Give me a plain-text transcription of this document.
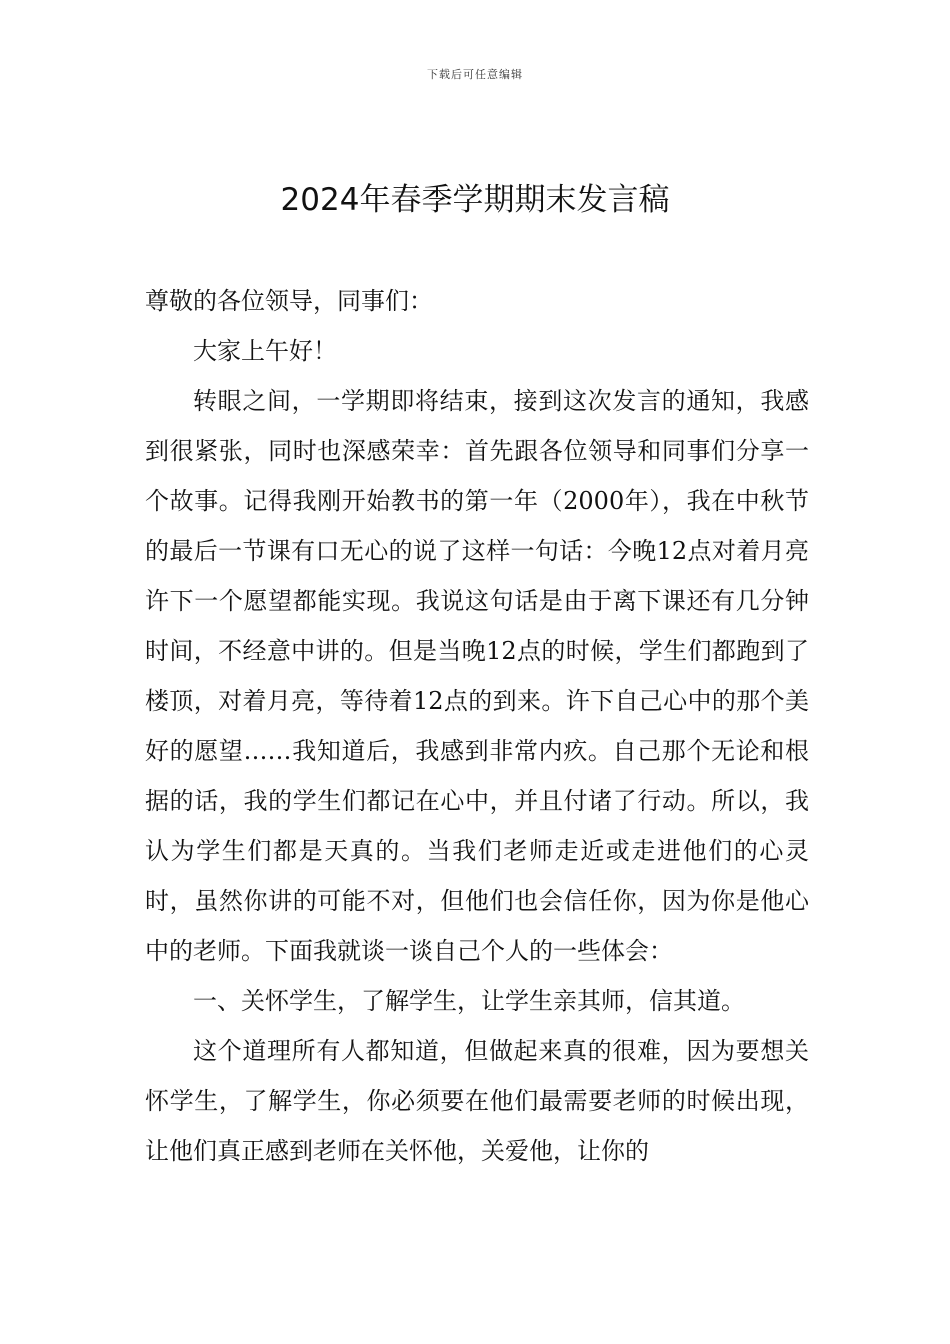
下载后可任意编辑
2024年春季学期期末发言稿

尊敬的各位领导，同事们：

大家上午好！

转眼之间，一学期即将结束，接到这次发言的通知，我感到很紧张，同时也深感荣幸：首先跟各位领导和同事们分享一个故事。记得我刚开始教书的第一年（2000年），我在中秋节的最后一节课有口无心的说了这样一句话：今晚12点对着月亮许下一个愿望都能实现。我说这句话是由于离下课还有几分钟时间，不经意中讲的。但是当晚12点的时候，学生们都跑到了楼顶，对着月亮，等待着12点的到来。许下自己心中的那个美好的愿望……我知道后，我感到非常内疚。自己那个无论和根据的话，我的学生们都记在心中，并且付诸了行动。所以，我认为学生们都是天真的。当我们老师走近或走进他们的心灵时，虽然你讲的可能不对，但他们也会信任你，因为你是他心中的老师。下面我就谈一谈自己个人的一些体会：

一、关怀学生，了解学生，让学生亲其师，信其道。

这个道理所有人都知道，但做起来真的很难，因为要想关怀学生，了解学生，你必须要在他们最需要老师的时候出现，让他们真正感到老师在关怀他，关爱他，让你的
